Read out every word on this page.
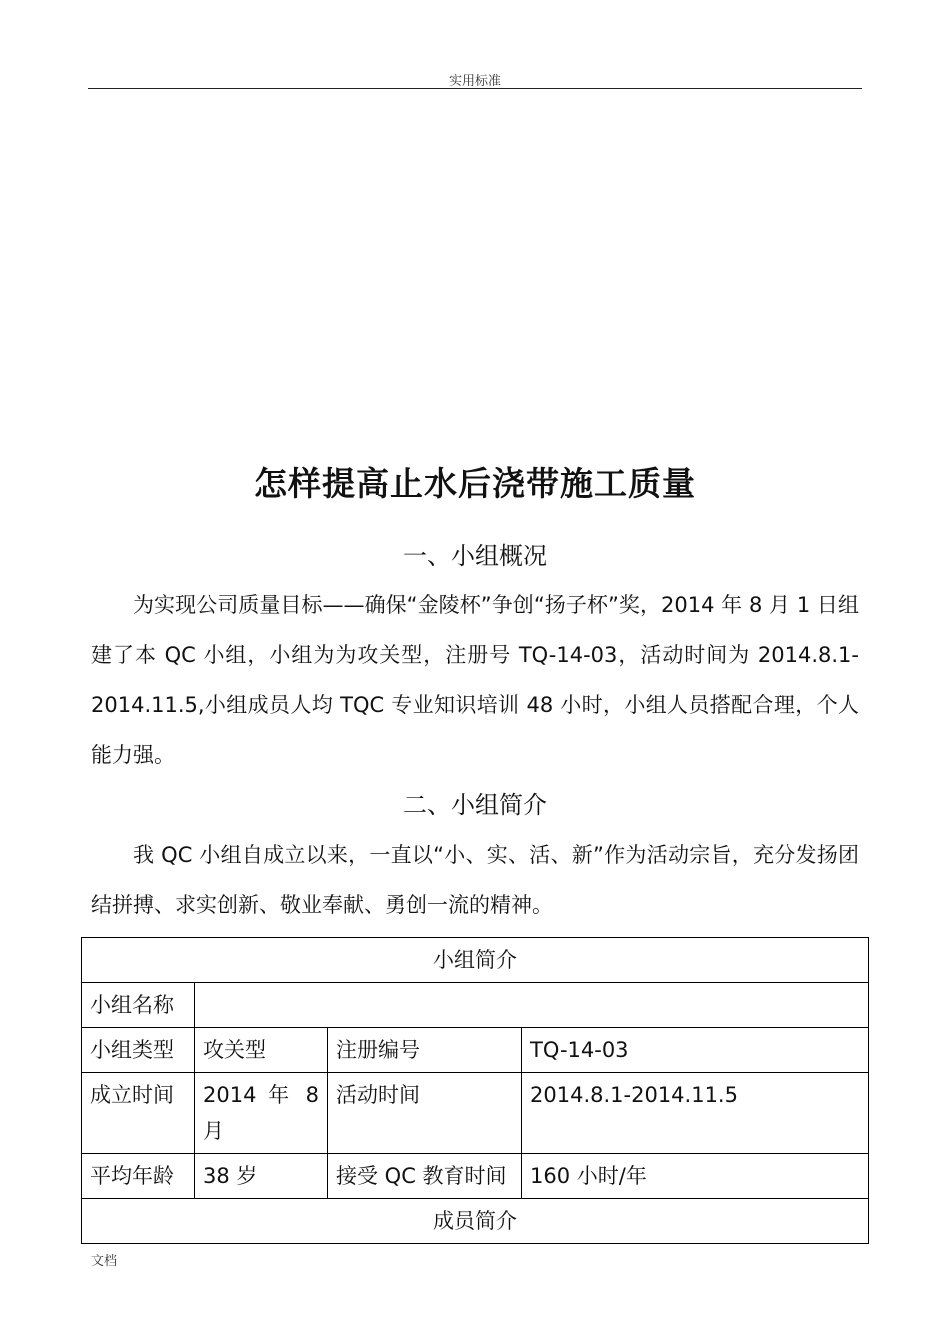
实用标准
怎样提高止水后浇带施工质量
一、小组概况

为实现公司质量目标——确保“金陵杯”争创“扬子杯”奖，2014 年 8 月 1 日组建了本 QC 小组，小组为为攻关型，注册号 TQ-14-03，活动时间为 2014.8.1-2014.11.5,小组成员人均 TQC 专业知识培训 48 小时，小组人员搭配合理，个人能力强。

二、小组简介

我 QC 小组自成立以来，一直以“小、实、活、新”作为活动宗旨，充分发扬团结拼搏、求实创新、敬业奉献、勇创一流的精神。

小组简介			
小组名称			
小组类型	攻关型	注册编号	TQ-14-03
成立时间	2014 年 8 月	活动时间	2014.8.1-2014.11.5
平均年龄	38 岁	接受 QC 教育时间	160 小时/年
成员简介			
文档
